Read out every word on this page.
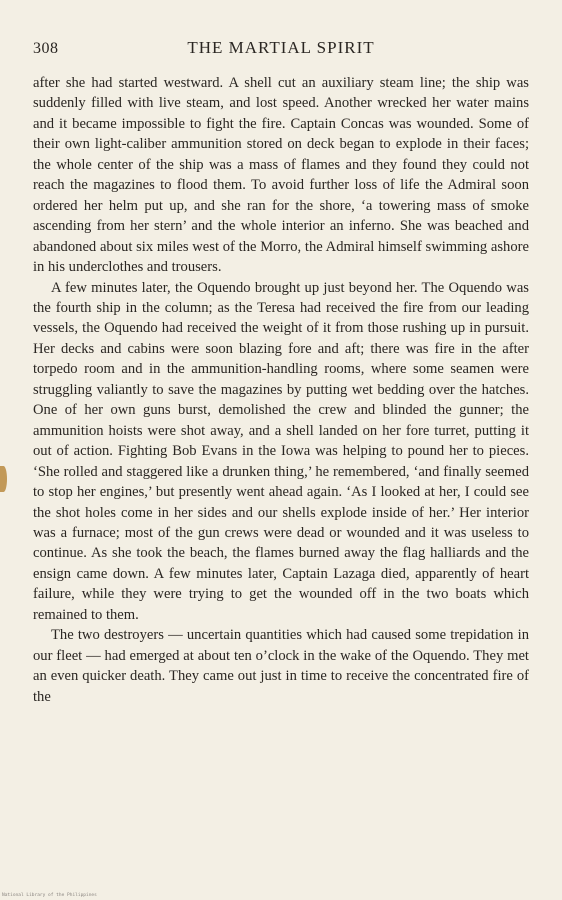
308	THE MARTIAL SPIRIT

after she had started westward. A shell cut an auxiliary steam line; the ship was suddenly filled with live steam, and lost speed. Another wrecked her water mains and it became impossible to fight the fire. Captain Concas was wounded. Some of their own light-caliber ammunition stored on deck began to explode in their faces; the whole center of the ship was a mass of flames and they found they could not reach the magazines to flood them. To avoid further loss of life the Admiral soon ordered her helm put up, and she ran for the shore, ‘a towering mass of smoke ascending from her stern’ and the whole interior an inferno. She was beached and abandoned about six miles west of the Morro, the Admiral himself swimming ashore in his underclothes and trousers.

A few minutes later, the Oquendo brought up just beyond her. The Oquendo was the fourth ship in the column; as the Teresa had received the fire from our leading vessels, the Oquendo had received the weight of it from those rushing up in pursuit. Her decks and cabins were soon blazing fore and aft; there was fire in the after torpedo room and in the ammunition-handling rooms, where some seamen were struggling valiantly to save the magazines by putting wet bedding over the hatches. One of her own guns burst, demolished the crew and blinded the gunner; the ammunition hoists were shot away, and a shell landed on her fore turret, putting it out of action. Fighting Bob Evans in the Iowa was helping to pound her to pieces. ‘She rolled and staggered like a drunken thing,’ he remembered, ‘and finally seemed to stop her engines,’ but presently went ahead again. ‘As I looked at her, I could see the shot holes come in her sides and our shells explode inside of her.’ Her interior was a furnace; most of the gun crews were dead or wounded and it was useless to continue. As she took the beach, the flames burned away the flag halliards and the ensign came down. A few minutes later, Captain Lazaga died, apparently of heart failure, while they were trying to get the wounded off in the two boats which remained to them.

The two destroyers — uncertain quantities which had caused some trepidation in our fleet — had emerged at about ten o’clock in the wake of the Oquendo. They met an even quicker death. They came out just in time to receive the concentrated fire of the

National Library of the Philippines
